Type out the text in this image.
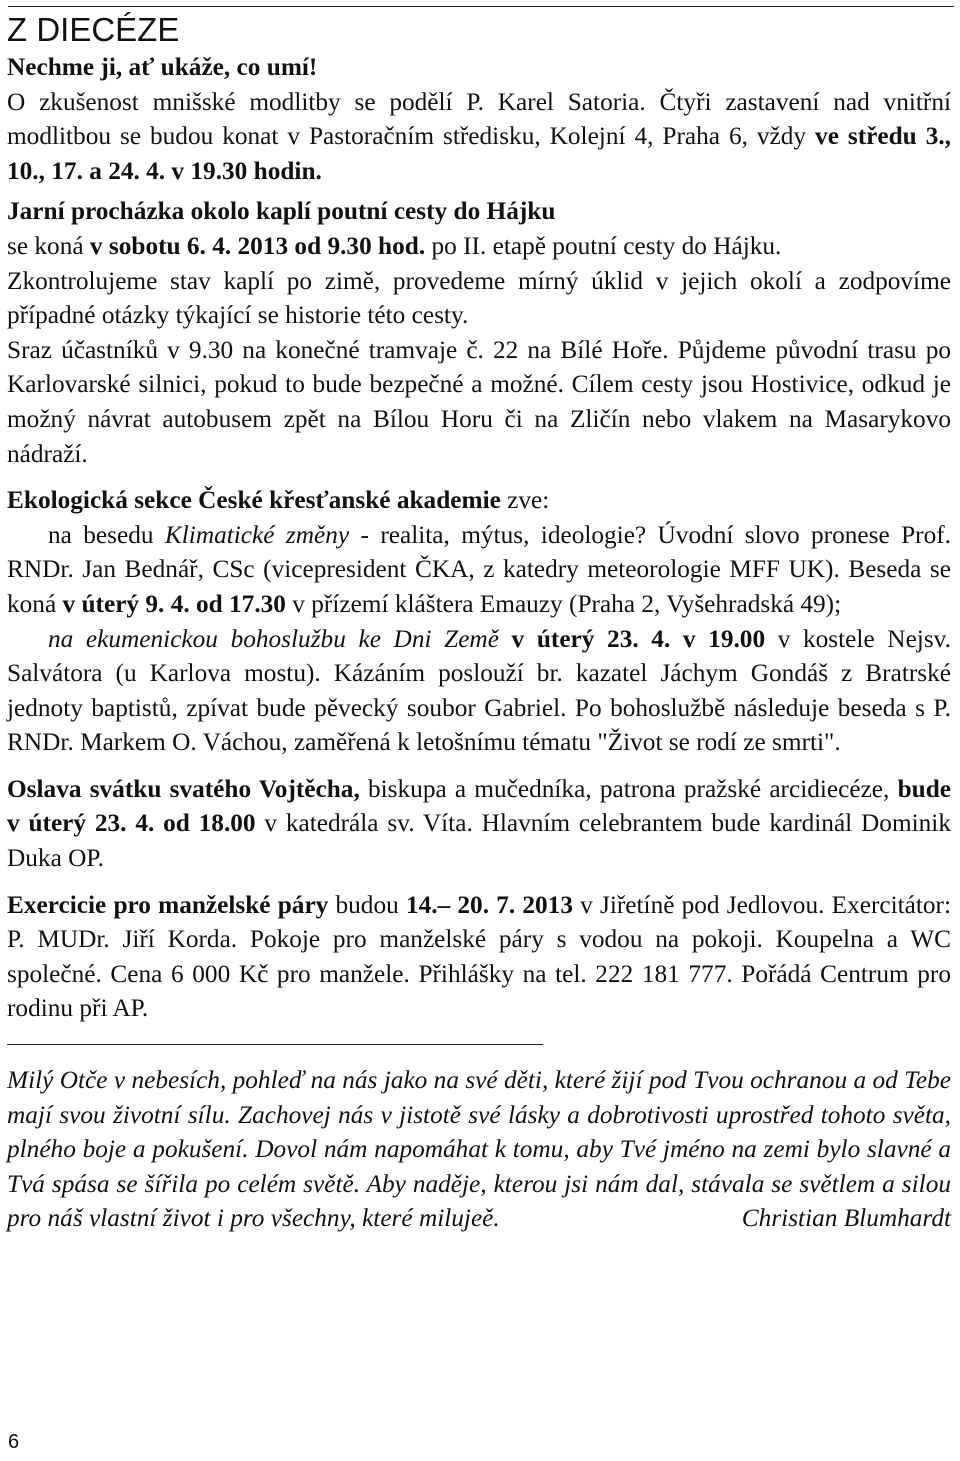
Z DIECÉZE

Nechme ji, ať ukáže, co umí!

O zkušenost mnišské modlitby se podělí P. Karel Satoria. Čtyři zastavení nad vnitřní modlitbou se budou konat v Pastoračním středisku, Kolejní 4, Praha 6, vždy ve středu 3., 10., 17. a 24. 4. v 19.30 hodin.

Jarní procházka okolo kaplí poutní cesty do Hájku

se koná v sobotu 6. 4. 2013 od 9.30 hod. po II. etapě poutní cesty do Hájku.

Zkontrolujeme stav kaplí po zimě, provedeme mírný úklid v jejich okolí a zodpovíme případné otázky týkající se historie této cesty.

Sraz účastníků v 9.30 na konečné tramvaje č. 22 na Bílé Hoře. Půjdeme původní trasu po Karlovarské silnici, pokud to bude bezpečné a možné. Cílem cesty jsou Hostivice, odkud je možný návrat autobusem zpět na Bílou Horu či na Zličín nebo vlakem na Masarykovo nádraží.

Ekologická sekce České křesťanské akademie zve:

na besedu Klimatické změny - realita, mýtus, ideologie? Úvodní slovo pronese Prof. RNDr. Jan Bednář, CSc (vicepresident ČKA, z katedry meteorologie MFF UK). Beseda se koná v úterý 9. 4. od 17.30 v přízemí kláštera Emauzy (Praha 2, Vyšehradská 49);

na ekumenickou bohoslužbu ke Dni Země v úterý 23. 4. v 19.00 v kostele Nejsv. Salvátora (u Karlova mostu). Kázáním poslouží br. kazatel Jáchym Gondáš z Bratrské jednoty baptistů, zpívat bude pěvecký soubor Gabriel. Po bohoslužbě následuje beseda s P. RNDr. Markem O. Váchou, zaměřená k letošnímu tématu "Život se rodí ze smrti".

Oslava svátku svatého Vojtěcha, biskupa a mučedníka, patrona pražské arcidiecéze, bude v úterý 23. 4. od 18.00 v katedrála sv. Víta. Hlavním celebrantem bude kardinál Dominik Duka OP.

Exercicie pro manželské páry budou 14.– 20. 7. 2013 v Jiřetíně pod Jedlovou. Exercitátor: P. MUDr. Jiří Korda. Pokoje pro manželské páry s vodou na pokoji. Koupelna a WC společné. Cena 6 000 Kč pro manžele. Přihlášky na tel. 222 181 777. Pořádá Centrum pro rodinu při AP.

Milý Otče v nebesích, pohleď na nás jako na své děti, které žijí pod Tvou ochranou a od Tebe mají svou životní sílu. Zachovej nás v jistotě své lásky a dobrotivosti uprostřed tohoto světa, plného boje a pokušení. Dovol nám napomáhat k tomu, aby Tvé jméno na zemi bylo slavné a Tvá spása se šířila po celém světě. Aby naděje, kterou jsi nám dal, stávala se světlem a silou pro náš vlastní život i pro všechny, které milujeě.	Christian Blumhardt

6
